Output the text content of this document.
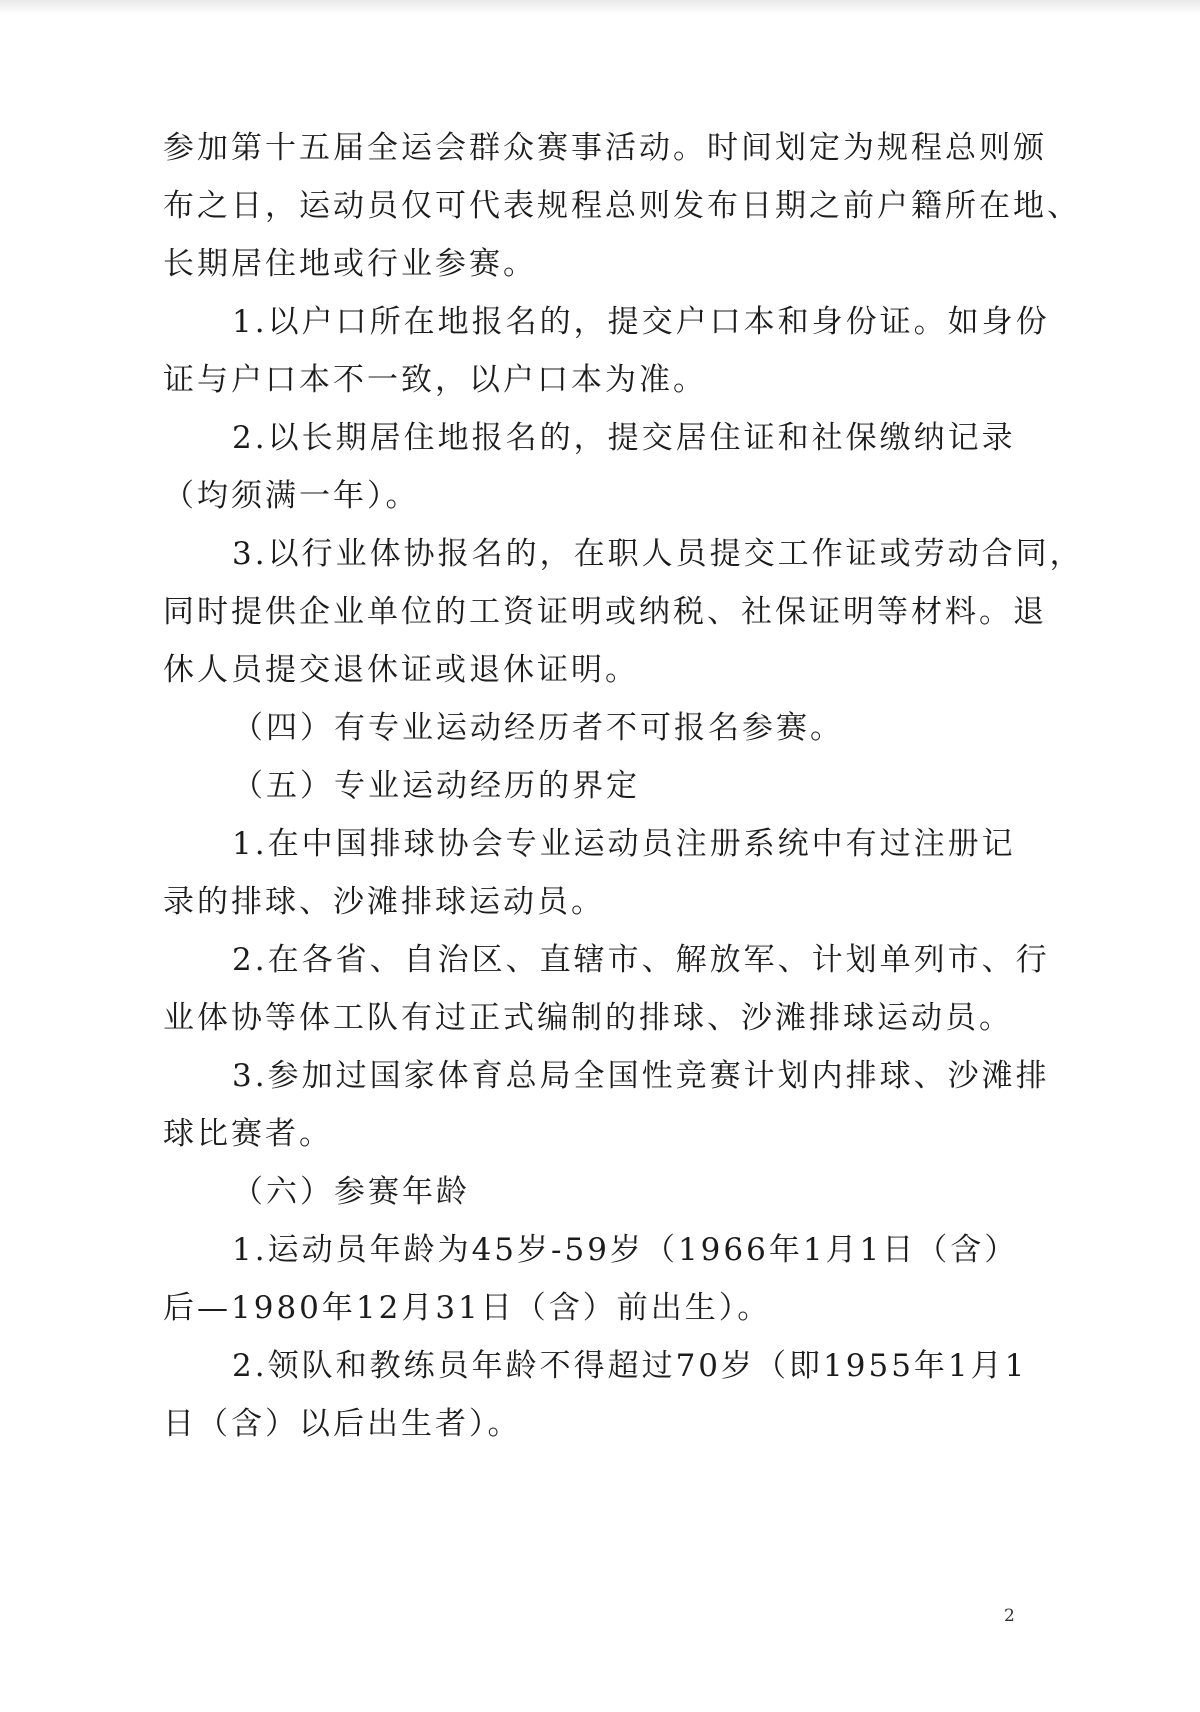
参加第十五届全运会群众赛事活动。时间划定为规程总则颁

布之日，运动员仅可代表规程总则发布日期之前户籍所在地、

长期居住地或行业参赛。

1.以户口所在地报名的，提交户口本和身份证。如身份

证与户口本不一致，以户口本为准。

2.以长期居住地报名的，提交居住证和社保缴纳记录

（均须满一年）。

3.以行业体协报名的，在职人员提交工作证或劳动合同，

同时提供企业单位的工资证明或纳税、社保证明等材料。退

休人员提交退休证或退休证明。

（四）有专业运动经历者不可报名参赛。

（五）专业运动经历的界定

1.在中国排球协会专业运动员注册系统中有过注册记

录的排球、沙滩排球运动员。

2.在各省、自治区、直辖市、解放军、计划单列市、行

业体协等体工队有过正式编制的排球、沙滩排球运动员。

3.参加过国家体育总局全国性竞赛计划内排球、沙滩排

球比赛者。

（六）参赛年龄

1.运动员年龄为45岁-59岁（1966年1月1日（含）

后—1980年12月31日（含）前出生）。

2.领队和教练员年龄不得超过70岁（即1955年1月1

日（含）以后出生者）。

2
